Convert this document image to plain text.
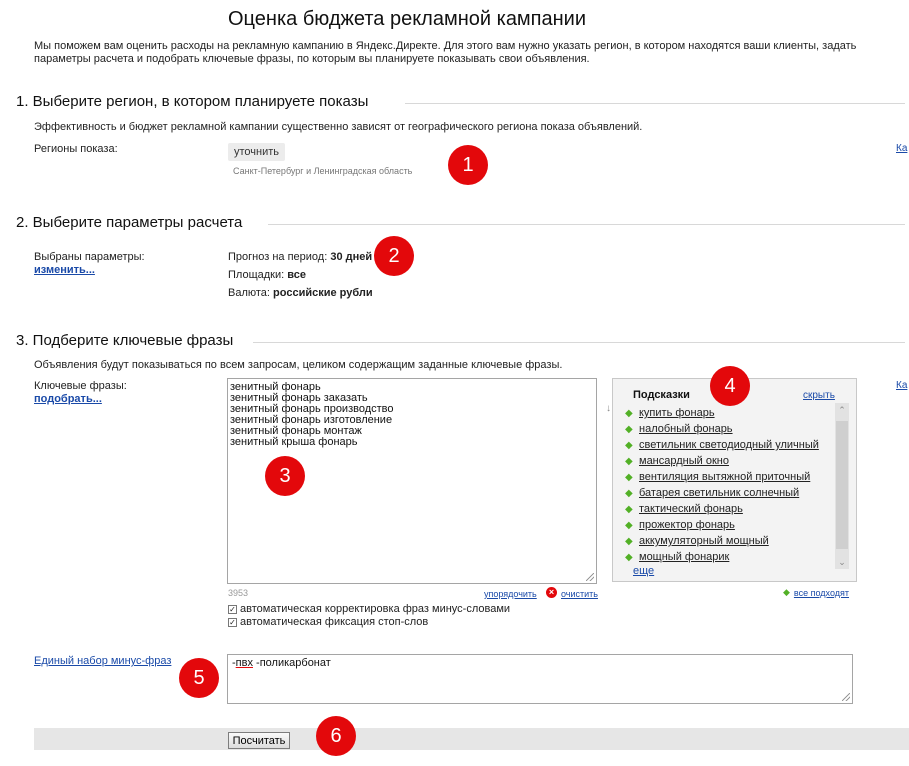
Оценка бюджета рекламной кампании
Мы поможем вам оценить расходы на рекламную кампанию в Яндекс.Директе. Для этого вам нужно указать регион, в котором находятся ваши клиенты, задать параметры расчета и подобрать ключевые фразы, по которым вы планируете показывать свои объявления.
1. Выберите регион, в котором планируете показы
Эффективность и бюджет рекламной кампании существенно зависят от географического региона показа объявлений.
Регионы показа:	уточнить
Санкт-Петербург и Ленинградская область
Ка
1
2. Выберите параметры расчета
Выбраны параметры:
изменить...
Прогноз на период: 30 дней
Площадки: все
Валюта: российские рубли
2
3. Подберите ключевые фразы
Объявления будут показываться по всем запросам, целиком содержащим заданные ключевые фразы.
Ключевые фразы:
подобрать...
зенитный фонарь
зенитный фонарь заказать
зенитный фонарь производство
зенитный фонарь изготовление
зенитный фонарь монтаж
зенитный крыша фонарь
3
3953	упорядочить	× очистить
✓ автоматическая корректировка фраз минус-словами
✓ автоматическая фиксация стоп-слов
↓
Подсказки	скрыть
⌃
⌄
◆ купить фонарь
◆ налобный фонарь
◆ светильник светодиодный уличный
◆ мансардный окно
◆ вентиляция вытяжной приточный
◆ батарея светильник солнечный
◆ тактический фонарь
◆ прожектор фонарь
◆ аккумуляторный мощный
◆ мощный фонарик
еще
4
◆ все подходят
Ка
Единый набор минус-фраз	-пвх -поликарбонат
5
Посчитать	6
